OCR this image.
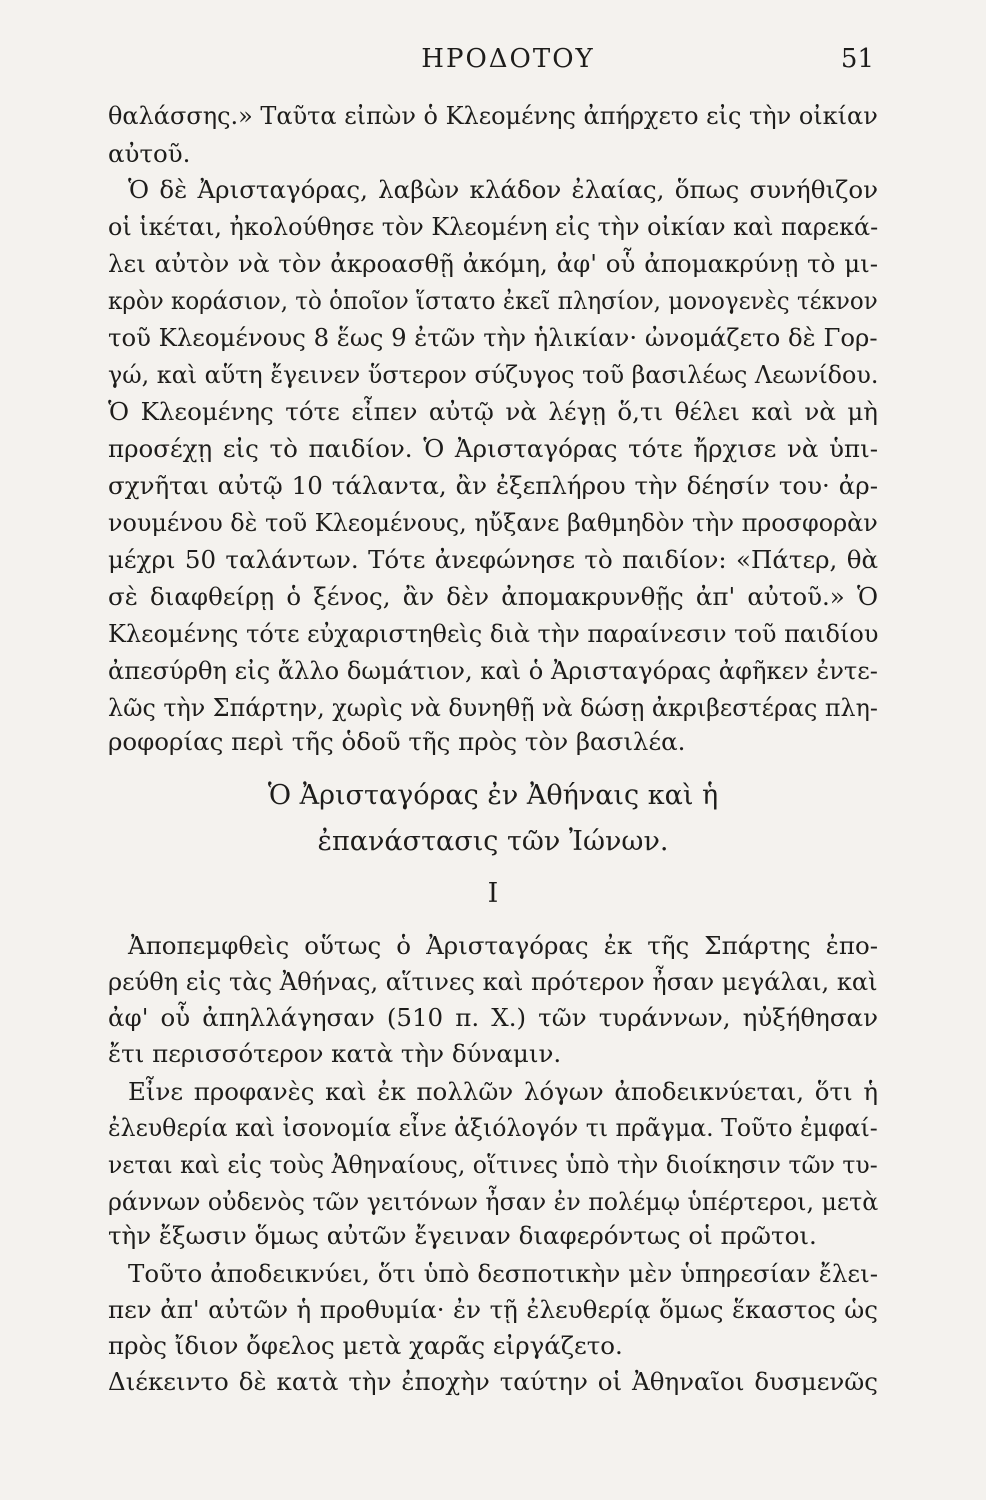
ΗΡΟΔΟΤΟΥ	51
θαλάσσης.» Ταῦτα εἰπὼν ὁ Κλεομένης ἀπήρχετο εἰς τὴν οἰκίαν
αὐτοῦ.
Ὁ δὲ Ἀρισταγόρας, λαβὼν κλάδον ἐλαίας, ὅπως συνήθιζον
οἱ ἱκέται, ἠκολούθησε τὸν Κλεομένη εἰς τὴν οἰκίαν καὶ παρεκά-
λει αὐτὸν νὰ τὸν ἀκροασθῇ ἀκόμη, ἀφ' οὗ ἀπομακρύνῃ τὸ μι-
κρὸν κοράσιον, τὸ ὁποῖον ἵστατο ἐκεῖ πλησίον, μονογενὲς τέκνον
τοῦ Κλεομένους 8 ἕως 9 ἐτῶν τὴν ἡλικίαν· ὠνομάζετο δὲ Γορ-
γώ, καὶ αὕτη ἔγεινεν ὕστερον σύζυγος τοῦ βασιλέως Λεωνίδου.
Ὁ Κλεομένης τότε εἶπεν αὐτῷ νὰ λέγῃ ὅ,τι θέλει καὶ νὰ μὴ
προσέχῃ εἰς τὸ παιδίον. Ὁ Ἀρισταγόρας τότε ἤρχισε νὰ ὑπι-
σχνῆται αὐτῷ 10 τάλαντα, ἂν ἐξεπλήρου τὴν δέησίν του· ἀρ-
νουμένου δὲ τοῦ Κλεομένους, ηὔξανε βαθμηδὸν τὴν προσφορὰν
μέχρι 50 ταλάντων. Τότε ἀνεφώνησε τὸ παιδίον: «Πάτερ, θὰ
σὲ διαφθείρῃ ὁ ξένος, ἂν δὲν ἀπομακρυνθῇς ἀπ' αὐτοῦ.» Ὁ
Κλεομένης τότε εὐχαριστηθεὶς διὰ τὴν παραίνεσιν τοῦ παιδίου
ἀπεσύρθη εἰς ἄλλο δωμάτιον, καὶ ὁ Ἀρισταγόρας ἀφῆκεν ἐντε-
λῶς τὴν Σπάρτην, χωρὶς νὰ δυνηθῇ νὰ δώσῃ ἀκριβεστέρας πλη-
ροφορίας περὶ τῆς ὁδοῦ τῆς πρὸς τὸν βασιλέα.
Ὁ Ἀρισταγόρας ἐν Ἀθήναις καὶ ἡ
ἐπανάστασις τῶν Ἰώνων.
Ι
Ἀποπεμφθεὶς οὕτως ὁ Ἀρισταγόρας ἐκ τῆς Σπάρτης ἐπο-
ρεύθη εἰς τὰς Ἀθήνας, αἵτινες καὶ πρότερον ἦσαν μεγάλαι, καὶ
ἀφ' οὗ ἀπηλλάγησαν (510 π. Χ.) τῶν τυράννων, ηὐξήθησαν
ἔτι περισσότερον κατὰ τὴν δύναμιν.
Εἶνε προφανὲς καὶ ἐκ πολλῶν λόγων ἀποδεικνύεται, ὅτι ἡ
ἐλευθερία καὶ ἰσονομία εἶνε ἀξιόλογόν τι πρᾶγμα. Τοῦτο ἐμφαί-
νεται καὶ εἰς τοὺς Ἀθηναίους, οἵτινες ὑπὸ τὴν διοίκησιν τῶν τυ-
ράννων οὐδενὸς τῶν γειτόνων ἦσαν ἐν πολέμῳ ὑπέρτεροι, μετὰ
τὴν ἔξωσιν ὅμως αὐτῶν ἔγειναν διαφερόντως οἱ πρῶτοι.
Τοῦτο ἀποδεικνύει, ὅτι ὑπὸ δεσποτικὴν μὲν ὑπηρεσίαν ἔλει-
πεν ἀπ' αὐτῶν ἡ προθυμία· ἐν τῇ ἐλευθερίᾳ ὅμως ἕκαστος ὡς
πρὸς ἴδιον ὄφελος μετὰ χαρᾶς εἰργάζετο.
Διέκειντο δὲ κατὰ τὴν ἐποχὴν ταύτην οἱ Ἀθηναῖοι δυσμενῶς
